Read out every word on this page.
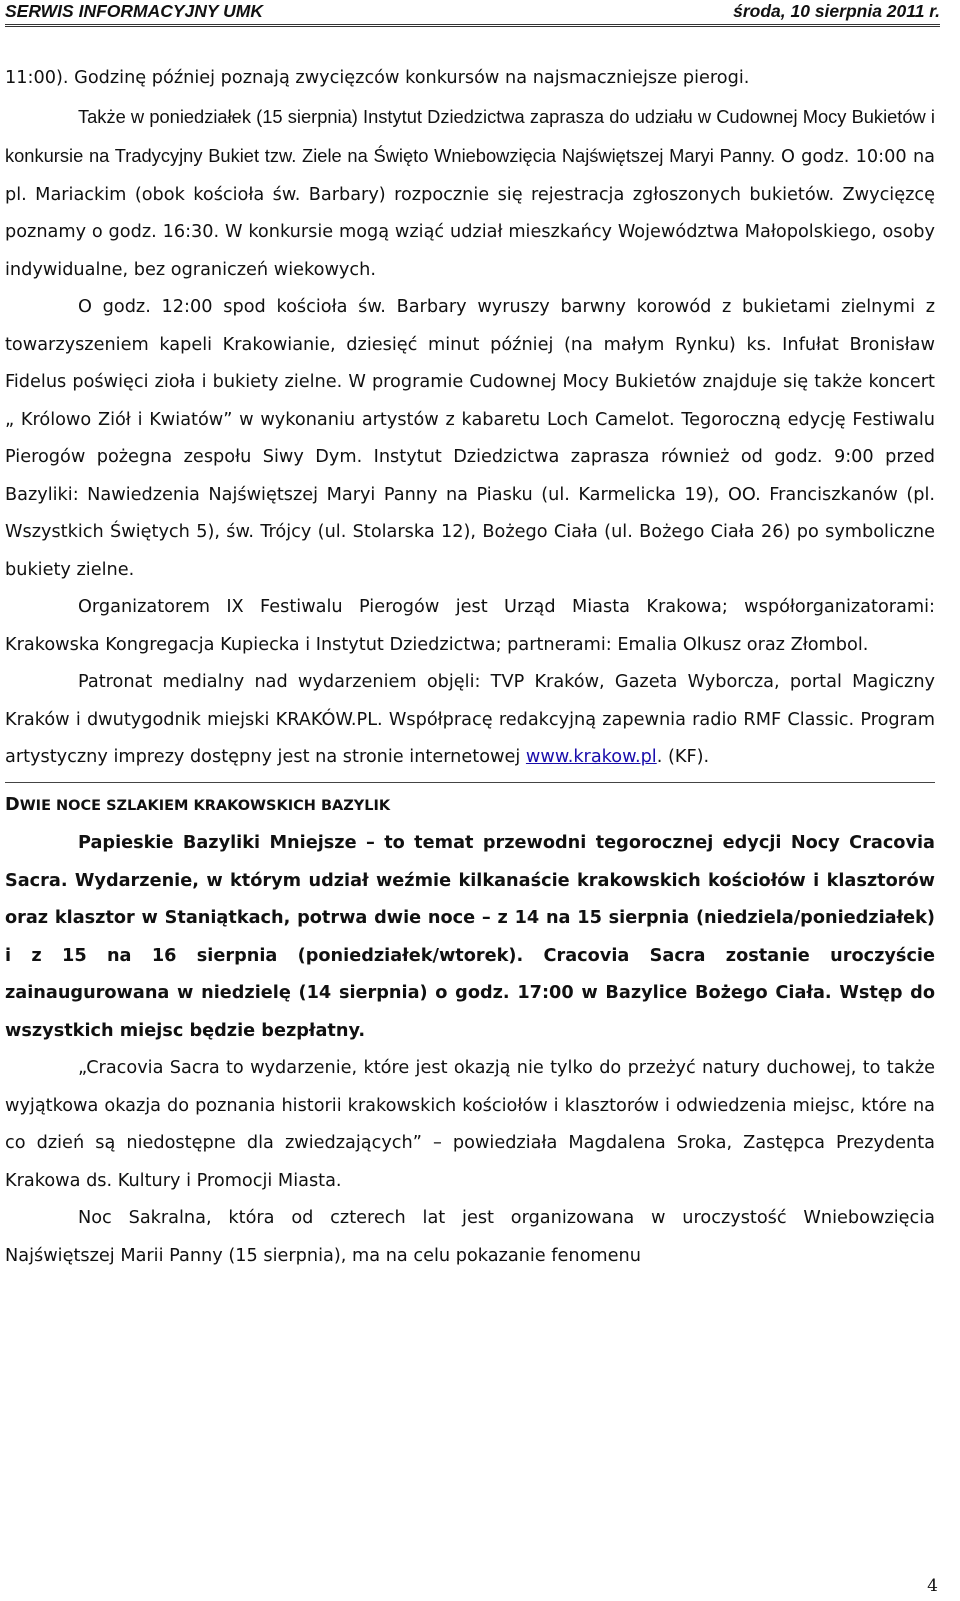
SERWIS INFORMACYJNY UMK	środa, 10 sierpnia 2011 r.

11:00). Godzinę później poznają zwycięzców konkursów na najsmaczniejsze pierogi.

Także w poniedziałek (15 sierpnia) Instytut Dziedzictwa zaprasza do udziału w Cudownej Mocy Bukietów i konkursie na Tradycyjny Bukiet tzw. Ziele na Święto Wniebowzięcia Najświętszej Maryi Panny. O godz. 10:00 na pl. Mariackim (obok kościoła św. Barbary) rozpocznie się rejestracja zgłoszonych bukietów. Zwycięzcę poznamy o godz. 16:30. W konkursie mogą wziąć udział mieszkańcy Województwa Małopolskiego, osoby indywidualne, bez ograniczeń wiekowych.

O godz. 12:00 spod kościoła św. Barbary wyruszy barwny korowód z bukietami zielnymi z towarzyszeniem kapeli Krakowianie, dziesięć minut później (na małym Rynku) ks. Infułat Bronisław Fidelus poświęci zioła i bukiety zielne. W programie Cudownej Mocy Bukietów znajduje się także koncert „ Królowo Ziół i Kwiatów” w wykonaniu artystów z kabaretu Loch Camelot. Tegoroczną edycję Festiwalu Pierogów pożegna zespołu Siwy Dym. Instytut Dziedzictwa zaprasza również od godz. 9:00 przed Bazyliki: Nawiedzenia Najświętszej Maryi Panny na Piasku (ul. Karmelicka 19), OO. Franciszkanów (pl. Wszystkich Świętych 5), św. Trójcy (ul. Stolarska 12), Bożego Ciała (ul. Bożego Ciała 26) po symboliczne bukiety zielne.

Organizatorem IX Festiwalu Pierogów jest Urząd Miasta Krakowa; współorganizatorami: Krakowska Kongregacja Kupiecka i Instytut Dziedzictwa; partnerami: Emalia Olkusz oraz Złombol.

Patronat medialny nad wydarzeniem objęli: TVP Kraków, Gazeta Wyborcza, portal Magiczny Kraków i dwutygodnik miejski KRAKÓW.PL. Współpracę redakcyjną zapewnia radio RMF Classic. Program artystyczny imprezy dostępny jest na stronie internetowej www.krakow.pl. (KF).

DWIE NOCE SZLAKIEM KRAKOWSKICH BAZYLIK

Papieskie Bazyliki Mniejsze – to temat przewodni tegorocznej edycji Nocy Cracovia Sacra. Wydarzenie, w którym udział weźmie kilkanaście krakowskich kościołów i klasztorów oraz klasztor w Staniątkach, potrwa dwie noce – z 14 na 15 sierpnia (niedziela/poniedziałek) i z 15 na 16 sierpnia (poniedziałek/wtorek). Cracovia Sacra zostanie uroczyście zainaugurowana w niedzielę (14 sierpnia) o godz. 17:00 w Bazylice Bożego Ciała. Wstęp do wszystkich miejsc będzie bezpłatny.

„Cracovia Sacra to wydarzenie, które jest okazją nie tylko do przeżyć natury duchowej, to także wyjątkowa okazja do poznania historii krakowskich kościołów i klasztorów i odwiedzenia miejsc, które na co dzień są niedostępne dla zwiedzających” – powiedziała Magdalena Sroka, Zastępca Prezydenta Krakowa ds. Kultury i Promocji Miasta.

Noc Sakralna, która od czterech lat jest organizowana w uroczystość Wniebowzięcia Najświętszej Marii Panny (15 sierpnia), ma na celu pokazanie fenomenu

4
